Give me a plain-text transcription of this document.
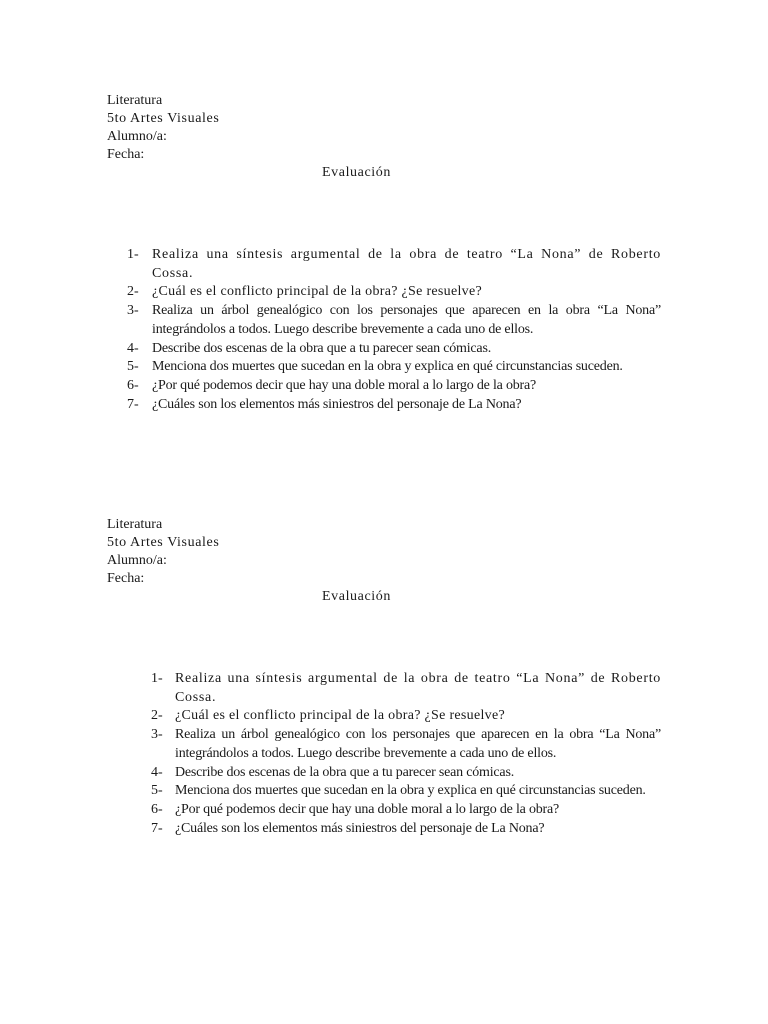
Literatura
5to Artes Visuales
Alumno/a:
Fecha:
Evaluación
1- Realiza una síntesis argumental de la obra de teatro “La Nona” de Roberto Cossa.
2- ¿Cuál es el conflicto principal de la obra? ¿Se resuelve?
3- Realiza un árbol genealógico con los personajes que aparecen en la obra “La Nona” integrándolos a todos. Luego describe brevemente a cada uno de ellos.
4- Describe dos escenas de la obra que a tu parecer sean cómicas.
5- Menciona dos muertes que sucedan en la obra y explica en qué circunstancias suceden.
6- ¿Por qué podemos decir que hay una doble moral a lo largo de la obra?
7- ¿Cuáles son los elementos más siniestros del personaje de La Nona?
Literatura
5to Artes Visuales
Alumno/a:
Fecha:
Evaluación
1- Realiza una síntesis argumental de la obra de teatro “La Nona” de Roberto Cossa.
2- ¿Cuál es el conflicto principal de la obra? ¿Se resuelve?
3- Realiza un árbol genealógico con los personajes que aparecen en la obra “La Nona” integrándolos a todos. Luego describe brevemente a cada uno de ellos.
4- Describe dos escenas de la obra que a tu parecer sean cómicas.
5- Menciona dos muertes que sucedan en la obra y explica en qué circunstancias suceden.
6- ¿Por qué podemos decir que hay una doble moral a lo largo de la obra?
7- ¿Cuáles son los elementos más siniestros del personaje de La Nona?
